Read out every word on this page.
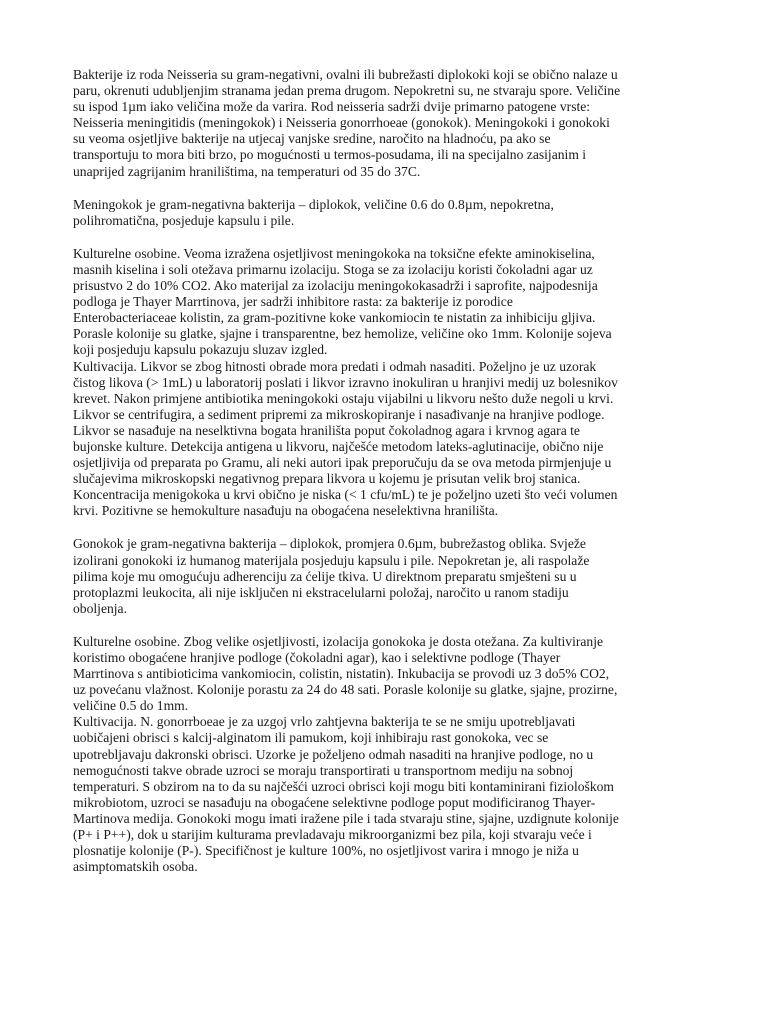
Bakterije iz roda Neisseria su gram-negativni, ovalni ili bubrežasti diplokoki koji se obično nalaze u
paru, okrenuti udubljenjim stranama jedan prema drugom. Nepokretni su, ne stvaraju spore. Veličine
su ispod 1µm iako veličina može da varira. Rod neisseria sadrži dvije primarno patogene vrste:
Neisseria meningitidis (meningokok) i Neisseria gonorrhoeae (gonokok). Meningokoki i gonokoki
su veoma osjetljive bakterije na utjecaj vanjske sredine, naročito na hladnoću, pa ako se
transportuju to mora biti brzo, po mogućnosti u termos-posudama, ili na specijalno zasijanim i
unaprijed zagrijanim hranilištima, na temperaturi od 35 do 37C.

Meningokok je gram-negativna bakterija – diplokok, veličine 0.6 do 0.8µm, nepokretna,
polihromatična, posjeduje kapsulu i pile.

Kulturelne osobine. Veoma izražena osjetljivost meningokoka na toksične efekte aminokiselina,
masnih kiselina i soli otežava primarnu izolaciju. Stoga se za izolaciju koristi čokoladni agar uz
prisustvo 2 do 10% CO2. Ako materijal za izolaciju meningokokasadrži i saprofite, najpodesnija
podloga je Thayer Marrtinova, jer sadrži inhibitore rasta: za bakterije iz porodice
Enterobacteriaceae kolistin, za gram-pozitivne koke vankomiocin te nistatin za inhibiciju gljiva.
Porasle kolonije su glatke, sjajne i transparentne, bez hemolize, veličine oko 1mm. Kolonije sojeva
koji posjeduju kapsulu pokazuju sluzav izgled.
Kultivacija. Likvor se zbog hitnosti obrade mora predati i odmah nasaditi. Poželjno je uz uzorak
čistog likova (> 1mL) u laboratorij poslati i likvor izravno inokuliran u hranjivi medij uz bolesnikov
krevet. Nakon primjene antibiotika meningokoki ostaju vijabilni u likvoru nešto duže negoli u krvi.
Likvor se centrifugira, a sediment pripremi za mikroskopiranje i nasađivanje na hranjive podloge.
Likvor se nasađuje na neselktivna bogata hranilišta poput čokoladnog agara i krvnog agara te
bujonske kulture. Detekcija antigena u likvoru, najčešće metodom lateks-aglutinacije, obično nije
osjetljivija od preparata po Gramu, ali neki autori ipak preporučuju da se ova metoda pirmjenjuje u
slučajevima mikroskopski negativnog prepara likvora u kojemu je prisutan velik broj stanica.
Koncentracija menigokoka u krvi obično je niska (< 1 cfu/mL) te je poželjno uzeti što veći volumen
krvi. Pozitivne se hemokulture nasađuju na obogaćena neselektivna hranilišta.

Gonokok je gram-negativna bakterija – diplokok, promjera 0.6µm, bubrežastog oblika. Svježe
izolirani gonokoki iz humanog materijala posjeduju kapsulu i pile. Nepokretan je, ali raspolaže
pilima koje mu omogućuju adherenciju za ćelije tkiva. U direktnom preparatu smješteni su u
protoplazmi leukocita, ali nije isključen ni ekstracelularni položaj, naročito u ranom stadiju
oboljenja.

Kulturelne osobine. Zbog velike osjetljivosti, izolacija gonokoka je dosta otežana. Za kultiviranje
koristimo obogaćene hranjive podloge (čokoladni agar), kao i selektivne podloge (Thayer
Marrtinova s antibioticima vankomiocin, colistin, nistatin). Inkubacija se provodi uz 3 do5% CO2,
uz povećanu vlažnost. Kolonije porastu za 24 do 48 sati. Porasle kolonije su glatke, sjajne, prozirne,
veličine 0.5 do 1mm.
Kultivacija. N. gonorrboeae je za uzgoj vrlo zahtjevna bakterija te se ne smiju upotrebljavati
uobičajeni obrisci s kalcij-alginatom ili pamukom, koji inhibiraju rast gonokoka, vec se
upotrebljavaju dakronski obrisci. Uzorke je poželjeno odmah nasaditi na hranjive podloge, no u
nemogućnosti takve obrade uzroci se moraju transportirati u transportnom mediju na sobnoj
temperaturi. S obzirom na to da su najčešći uzroci obrisci koji mogu biti kontaminirani fiziološkom
mikrobiotom, uzroci se nasađuju na obogaćene selektivne podloge poput modificiranog Thayer-
Martinova medija. Gonokoki mogu imati iražene pile i tada stvaraju stine, sjajne, uzdignute kolonije
(P+ i P++), dok u starijim kulturama prevladavaju mikroorganizmi bez pila, koji stvaraju veće i
plosnatije kolonije (P-). Specifičnost je kulture 100%, no osjetljivost varira i mnogo je niža u
asimptomatskih osoba.
